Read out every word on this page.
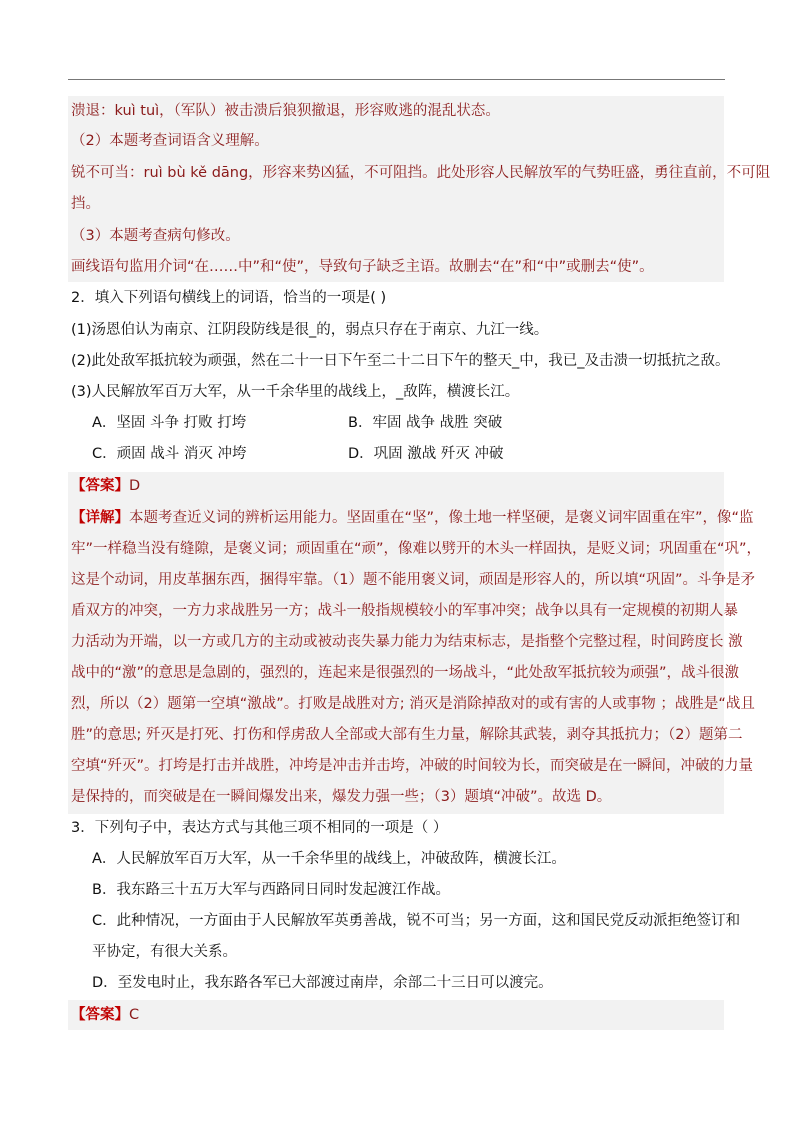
溃退：kuì tuì，（军队）被击溃后狼狈撤退，形容败逃的混乱状态。
（2）本题考查词语含义理解。
锐不可当：ruì bù kě dāng，形容来势凶猛，不可阻挡。此处形容人民解放军的气势旺盛，勇往直前，不可阻
挡。
（3）本题考查病句修改。
画线语句监用介词“在……中”和“使”，导致句子缺乏主语。故删去“在”和“中”或删去“使”。
2．填入下列语句横线上的词语，恰当的一项是( )
(1)汤恩伯认为南京、江阴段防线是很_的，弱点只存在于南京、九江一线。
(2)此处敌军抵抗较为顽强，然在二十一日下午至二十二日下午的整天_中，我已_及击溃一切抵抗之敌。
(3)人民解放军百万大军，从一千余华里的战线上，_敌阵，横渡长江。
A．坚固 斗争 打败 打垮	B．牢固 战争 战胜 突破
C．顽固 战斗 消灭 冲垮	D．巩固 激战 歼灭 冲破
【答案】D
【详解】本题考查近义词的辨析运用能力。坚固重在“坚”，像土地一样坚硬，是褒义词牢固重在牢”，像“监
牢”一样稳当没有缝隙，是褒义词；顽固重在“顽”，像难以劈开的木头一样固执，是贬义词；巩固重在“巩”，
这是个动词，用皮革捆东西，捆得牢靠。（1）题不能用褒义词，顽固是形容人的，所以填“巩固”。斗争是矛
盾双方的冲突，一方力求战胜另一方；战斗一般指规模较小的军事冲突；战争以具有一定规模的初期人暴
力活动为开端，以一方或几方的主动或被动丧失暴力能力为结束标志，是指整个完整过程，时间跨度长 激
战中的“激”的意思是急剧的，强烈的，连起来是很强烈的一场战斗，“此处敌军抵抗较为顽强”，战斗很激
烈，所以（2）题第一空填“激战”。打败是战胜对方; 消灭是消除掉敌对的或有害的人或事物 ；战胜是“战且
胜”的意思; 歼灭是打死、打伤和俘虏敌人全部或大部有生力量，解除其武装，剥夺其抵抗力；（2）题第二
空填“歼灭”。打垮是打击并战胜，冲垮是冲击并击垮，冲破的时间较为长，而突破是在一瞬间，冲破的力量
是保持的，而突破是在一瞬间爆发出来，爆发力强一些；（3）题填“冲破”。故选 D。
3．下列句子中，表达方式与其他三项不相同的一项是（ ）
A．人民解放军百万大军，从一千余华里的战线上，冲破敌阵，横渡长江。
B．我东路三十五万大军与西路同日同时发起渡江作战。
C．此种情况，一方面由于人民解放军英勇善战，锐不可当；另一方面，这和国民党反动派拒绝签订和
平协定，有很大关系。
D．至发电时止，我东路各军已大部渡过南岸，余部二十三日可以渡完。
【答案】C
